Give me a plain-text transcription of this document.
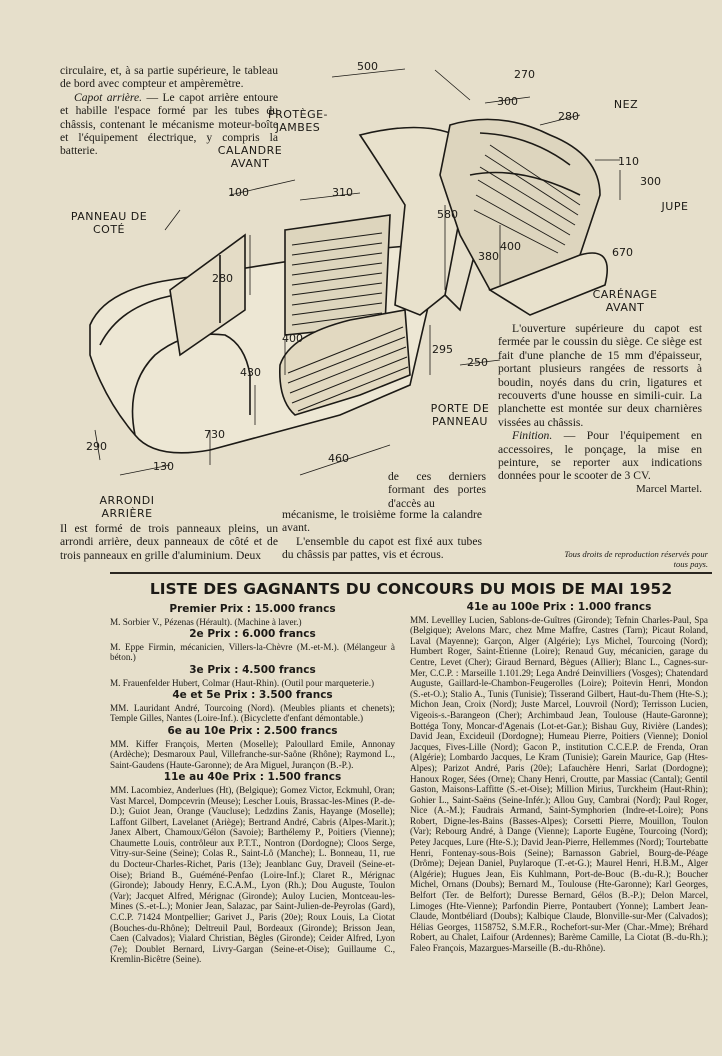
circulaire, et, à sa partie supérieure, le tableau de bord avec compteur et ampèremètre.

Capot arrière. — Le capot arrière entoure et habille l'espace formé par les tubes du châssis, contenant le mécanisme moteur-boîte et l'équipement électrique, y compris la batterie.

PROTÈGE-JAMBES
CALANDRE AVANT
PANNEAU DE COTÉ
NEZ
JUPE
CARÉNAGE AVANT
PORTE DE PANNEAU
ARRONDI ARRIÈRE
500
270
300
280
110
300
100	310
580
400
380	670
280
400
430
295
250
730
290
130
460

L'ouverture supérieure du capot est fermée par le coussin du siège. Ce siège est fait d'une planche de 15 mm d'épaisseur, portant plusieurs rangées de ressorts à boudin, noyés dans du crin, ligatures et recouverts d'une housse en simili-cuir. La planchette est montée sur deux charnières vissées au châssis.

Finition. — Pour l'équipement en accessoires, le ponçage, la mise en peinture, se reporter aux indications données pour le scooter de 3 CV.

Marcel Martel.
Il est formé de trois panneaux pleins, un arrondi arrière, deux panneaux de côté et de trois panneaux en grille d'aluminium. Deux
de ces derniers formant des portes d'accès au

mécanisme, le troisième forme la calandre avant.

L'ensemble du capot est fixé aux tubes du châssis par pattes, vis et écrous.	Tous droits de reproduction réservés pour tous pays.
LISTE DES GAGNANTS DU CONCOURS DU MOIS DE MAI 1952
Premier Prix : 15.000 francs

M. Sorbier V., Pézenas (Hérault). (Machine à laver.)

2e Prix : 6.000 francs

M. Eppe Firmin, mécanicien, Villers-la-Chèvre (M.-et-M.). (Mélangeur à béton.)

3e Prix : 4.500 francs

M. Frauenfelder Hubert, Colmar (Haut-Rhin). (Outil pour marqueterie.)

4e et 5e Prix : 3.500 francs

MM. Lauridant André, Tourcoing (Nord). (Meubles pliants et chenets); Temple Gilles, Nantes (Loire-Inf.). (Bicyclette d'enfant démontable.)

6e au 10e Prix : 2.500 francs

MM. Kiffer François, Merten (Moselle); Paloullard Emile, Annonay (Ardèche); Desmaroux Paul, Villefranche-sur-Saône (Rhône); Raymond L., Saint-Gaudens (Haute-Garonne); de Ara Miguel, Jurançon (B.-P.).

11e au 40e Prix : 1.500 francs

MM. Lacombiez, Anderlues (Ht), (Belgique); Gomez Victor, Eckmuhl, Oran; Vast Marcel, Dompcevrin (Meuse); Lescher Louis, Brassac-les-Mines (P.-de-D.); Guiot Jean, Orange (Vaucluse); Ledzdins Zanis, Hayange (Moselle); Laffont Gilbert, Lavelanet (Ariège); Bertrand André, Cabris (Alpes-Marit.); Janex Albert, Chamoux/Gélon (Savoie); Barthélemy P., Poitiers (Vienne); Chaumette Louis, contrôleur aux P.T.T., Nontron (Dordogne); Cloos Serge, Vitry-sur-Seine (Seine); Colas R., Saint-Lô (Manche); L. Bonneau, 11, rue du Docteur-Charles-Richet, Paris (13e); Jeanblanc Guy, Draveil (Seine-et-Oise); Briand B., Guéméné-Penfao (Loire-Inf.); Claret R., Mérignac (Gironde); Jaboudy Henry, E.C.A.M., Lyon (Rh.); Dou Auguste, Toulon (Var); Jacquet Alfred, Mérignac (Gironde); Auloy Lucien, Montceau-les-Mines (S.-et-L.); Monier Jean, Salazac, par Saint-Julien-de-Peyrolas (Gard), C.C.P. 71424 Montpellier; Garivet J., Paris (20e); Roux Louis, La Ciotat (Bouches-du-Rhône); Deltreuil Paul, Bordeaux (Gironde); Brisson Jean, Caen (Calvados); Vialard Christian, Bègles (Gironde); Ceider Alfred, Lyon (7e); Doublet Bernard, Livry-Gargan (Seine-et-Oise); Guillaume C., Kremlin-Bicêtre (Seine).

41e au 100e Prix : 1.000 francs

MM. Levellley Lucien, Sablons-de-Guîtres (Gironde); Tefnin Charles-Paul, Spa (Belgique); Avelons Marc, chez Mme Maffre, Castres (Tarn); Picaut Roland, Laval (Mayenne); Garçon, Alger (Algérie); Lys Michel, Tourcoing (Nord); Humbert Roger, Saint-Etienne (Loire); Renaud Guy, mécanicien, garage du Centre, Levet (Cher); Giraud Bernard, Bègues (Allier); Blanc L., Cagnes-sur-Mer, C.C.P. : Marseille 1.101.29; Lega André Deinvilliers (Vosges); Chatendard Auguste, Gaillard-le-Chambon-Feugerolles (Loire); Poitevin Henri, Mondon (S.-et-O.); Stalio A., Tunis (Tunisie); Tisserand Gilbert, Haut-du-Them (Hte-S.); Michon Jean, Croix (Nord); Juste Marcel, Louvroil (Nord); Terrisson Lucien, Vigeois-s.-Barangeon (Cher); Archimbaud Jean, Toulouse (Haute-Garonne); Bottéga Tony, Moncar-d'Agenais (Lot-et-Gar.); Bishau Guy, Rivière (Landes); David Jean, Excideuil (Dordogne); Humeau Pierre, Poitiers (Vienne); Doniol Jacques, Fives-Lille (Nord); Gacon P., institution C.C.E.P. de Frenda, Oran (Algérie); Lombardo Jacques, Le Kram (Tunisie); Garein Maurice, Gap (Htes-Alpes); Parizot André, Paris (20e); Lafauchère Henri, Sarlat (Dordogne); Hanoux Roger, Sées (Orne); Chany Henri, Croutte, par Massiac (Cantal); Gentil Gaston, Maisons-Laffitte (S.-et-Oise); Million Mirius, Turckheim (Haut-Rhin); Gohier L., Saint-Saëns (Seine-Infér.); Allou Guy, Cambrai (Nord); Paul Roger, Nice (A.-M.); Faudrais Armand, Saint-Symphorien (Indre-et-Loire); Pons Robert, Digne-les-Bains (Basses-Alpes); Corsetti Pierre, Mouillon, Toulon (Var); Rebourg André, à Dange (Vienne); Laporte Eugène, Tourcoing (Nord); Petey Jacques, Lure (Hte-S.); David Jean-Pierre, Hellemmes (Nord); Tourtebatte Henri, Fontenay-sous-Bois (Seine); Barnasson Gabriel, Bourg-de-Péage (Drôme); Dejean Daniel, Puylaroque (T.-et-G.); Maurel Henri, H.B.M., Alger (Algérie); Hugues Jean, Eis Kuhlmann, Port-de-Bouc (B.-du-R.); Boucher Michel, Ornans (Doubs); Bernard M., Toulouse (Hte-Garonne); Karl Georges, Belfort (Ter. de Belfort); Duresse Bernard, Gélos (B.-P.); Delon Marcel, Limoges (Hte-Vienne); Parfondin Pierre, Pontaubert (Yonne); Lambert Jean-Claude, Montbéliard (Doubs); Kalbique Claude, Blonville-sur-Mer (Calvados); Hélias Georges, 1158752, S.M.F.R., Rochefort-sur-Mer (Char.-Mme); Bréhard Robert, au Chalet, Laifour (Ardennes); Barème Camille, La Ciotat (B.-du-Rh.); Faleo François, Mazargues-Marseille (B.-du-Rhône).
